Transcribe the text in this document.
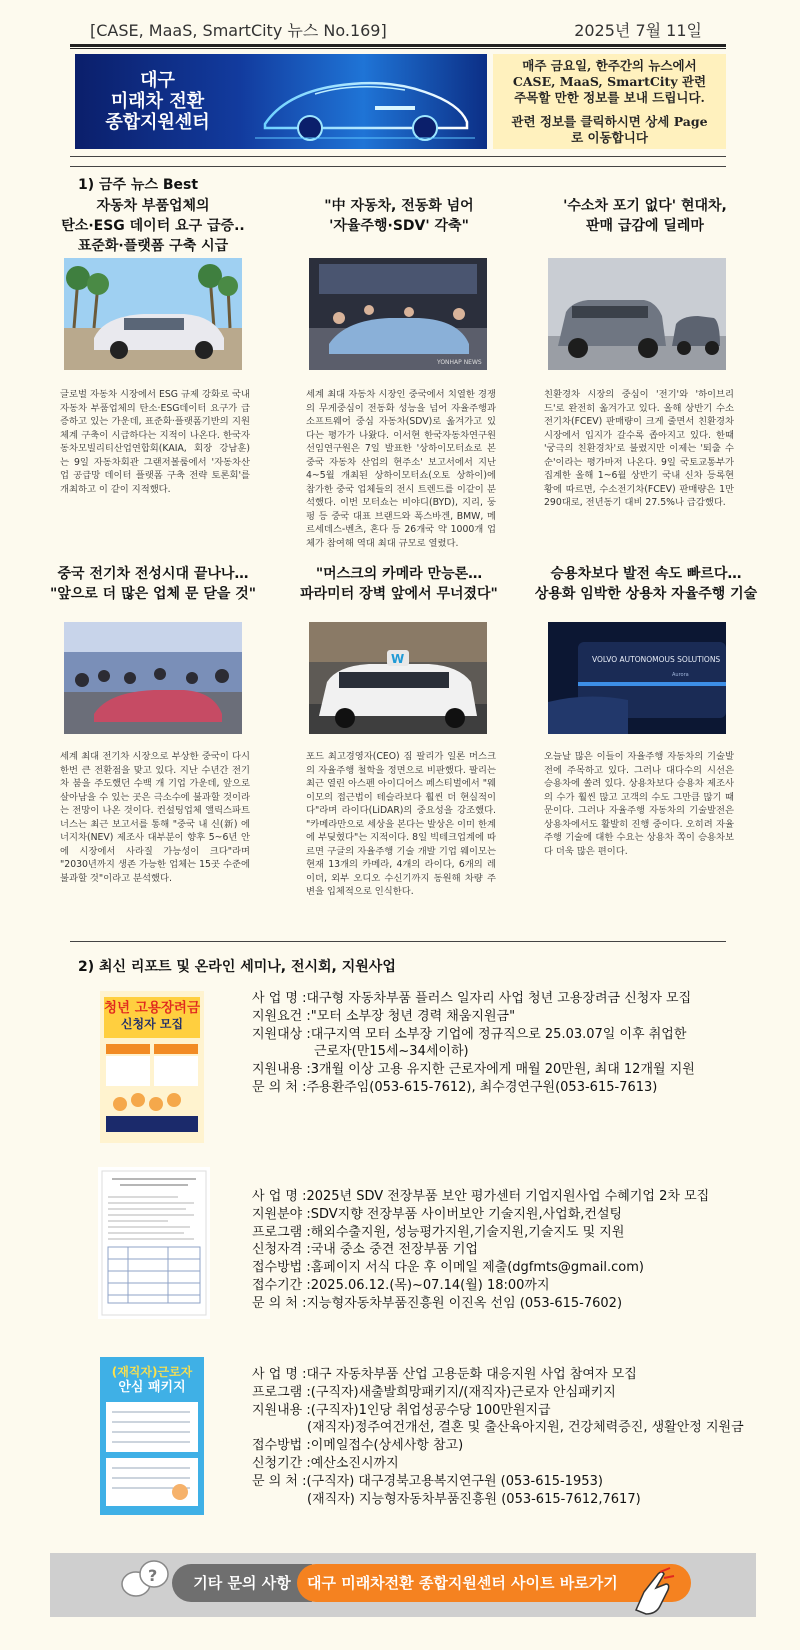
[CASE, MaaS, SmartCity 뉴스 No.169]	2025년 7월 11일
대구
미래차 전환
종합지원센터

매주 금요일, 한주간의 뉴스에서

CASE, MaaS, SmartCity 관련

주목할 만한 정보를 보내 드립니다.

관련 정보를 클릭하시면 상세 Page

로 이동합니다

1) 금주 뉴스 Best
자동차 부품업체의
탄소·ESG 데이터 요구 급증..
표준화·플랫폼 구축 시급
글로벌 자동차 시장에서 ESG 규제 강화로 국내 자동차 부품업체의 탄소·ESG데이터 요구가 급증하고 있는 가운데, 표준화·플랫폼기반의 지원체계 구축이 시급하다는 지적이 나온다. 한국자동차모빌리티산업연합회(KAIA, 회장 강남훈)는 9일 자동차회관 그랜저볼룸에서 '자동차산업 공급망 데이터 플랫폼 구축 전략 토론회'를 개최하고 이 같이 지적했다.
"中 자동차, 전동화 넘어
'자율주행·SDV' 각축"
YONHAP NEWS
세계 최대 자동차 시장인 중국에서 치열한 경쟁의 무게중심이 전동화 성능을 넘어 자율주행과 소프트웨어 중심 자동차(SDV)로 옮겨가고 있다는 평가가 나왔다. 이서현 한국자동차연구원 선임연구원은 7일 발표한 '상하이모터쇼로 본 중국 자동차 산업의 현주소' 보고서에서 지난 4~5월 개최된 상하이모터쇼(오토 상하이)에 참가한 중국 업체들의 전시 트렌드를 이같이 분석했다. 이번 모터쇼는 비야디(BYD), 지리, 둥펑 등 중국 대표 브랜드와 폭스바겐, BMW, 메르세데스-벤츠, 혼다 등 26개국 약 1000개 업체가 참여해 역대 최대 규모로 열렸다.
'수소차 포기 없다' 현대차,
판매 급감에 딜레마
친환경차 시장의 중심이 '전기'와 '하이브리드'로 완전히 옮겨가고 있다. 올해 상반기 수소전기차(FCEV) 판매량이 크게 줄면서 친환경차시장에서 입지가 갈수록 좁아지고 있다. 한때 '궁극의 친환경차'로 불렸지만 이제는 '퇴출 수순'이라는 평가마저 나온다. 9일 국토교통부가 집계한 올해 1~6월 상반기 국내 신차 등록현황에 따르면, 수소전기차(FCEV) 판매량은 1만290대로, 전년동기 대비 27.5%나 급감했다.
중국 전기차 전성시대 끝나나…
"앞으로 더 많은 업체 문 닫을 것"
세계 최대 전기차 시장으로 부상한 중국이 다시 한번 큰 전환점을 맞고 있다. 지난 수년간 전기차 붐을 주도했던 수백 개 기업 가운데, 앞으로 살아남을 수 있는 곳은 극소수에 불과할 것이라는 전망이 나온 것이다. 컨설팅업체 앨릭스파트너스는 최근 보고서를 통해 "중국 내 신(新) 에너지차(NEV) 제조사 대부분이 향후 5~6년 안에 시장에서 사라질 가능성이 크다"라며 "2030년까지 생존 가능한 업체는 15곳 수준에 불과할 것"이라고 분석했다.
"머스크의 카메라 만능론…
파라미터 장벽 앞에서 무너졌다"
W
포드 최고경영자(CEO) 짐 팔리가 일론 머스크의 자율주행 철학을 정면으로 비판했다. 팔리는 최근 열린 아스펜 아이디어스 페스티벌에서 "웨이모의 접근법이 테슬라보다 훨씬 더 현실적이다"라며 라이다(LiDAR)의 중요성을 강조했다. "카메라만으로 세상을 본다는 발상은 이미 한계에 부딪혔다"는 지적이다. 8일 빅테크업계에 따르면 구글의 자율주행 기술 개발 기업 웨이모는 현재 13개의 카메라, 4개의 라이다, 6개의 레이더, 외부 오디오 수신기까지 동원해 차량 주변을 입체적으로 인식한다.
승용차보다 발전 속도 빠르다…
상용화 임박한 상용차 자율주행 기술
VOLVO AUTONOMOUS SOLUTIONS
Aurora
오늘날 많은 이들이 자율주행 자동차의 기술발전에 주목하고 있다. 그러나 대다수의 시선은 승용차에 쏠려 있다. 상용차보다 승용차 제조사의 수가 훨씬 많고 고객의 수도 그만큼 많기 때문이다. 그러나 자율주행 자동차의 기술발전은 상용차에서도 활발히 진행 중이다. 오히려 자율주행 기술에 대한 수요는 상용차 쪽이 승용차보다 더욱 많은 편이다.
2) 최신 리포트 및 온라인 세미나, 전시회, 지원사업
청년 고용장려금
신청자 모집
사 업 명 : 대구형 자동차부품 플러스 일자리 사업 청년 고용장려금 신청자 모집
지원요건 : "모터 소부장 청년 경력 채움지원금"
지원대상 : 대구지역 모터 소부장 기업에 정규직으로 25.03.07일 이후 취업한
근로자(만15세~34세이하)
지원내용 : 3개월 이상 고용 유지한 근로자에게 매월 20만원, 최대 12개월 지원
문 의 처 : 주용환주임(053-615-7612), 최수경연구원(053-615-7613)
사 업 명 : 2025년 SDV 전장부품 보안 평가센터 기업지원사업 수혜기업 2차 모집
지원분야 : SDV지향 전장부품 사이버보안 기술지원,사업화,컨설팅
프로그램 : 해외수출지원, 성능평가지원,기술지원,기술지도 및 지원
신청자격 : 국내 중소 중견 전장부품 기업
접수방법 : 홈페이지 서식 다운 후 이메일 제출(dgfmts@gmail.com)
접수기간 : 2025.06.12.(목)~07.14(월) 18:00까지
문 의 처 : 지능형자동차부품진흥원 이진옥 선임 (053-615-7602)
(재직자)근로자
안심 패키지
사 업 명 : 대구 자동차부품 산업 고용둔화 대응지원 사업 참여자 모집
프로그램 : (구직자)새출발희망패키지/(재직자)근로자 안심패키지
지원내용 : (구직자)1인당 취업성공수당 100만원지급
(재직자)정주여건개선, 결혼 및 출산육아지원, 건강체력증진, 생활안정 지원금
접수방법 : 이메일접수(상세사항 참고)
신청기간 : 예산소진시까지
문 의 처 : (구직자) 대구경북고용복지연구원 (053-615-1953)
(재직자) 지능형자동차부품진흥원 (053-615-7612,7617)
?	기타 문의 사항	대구 미래차전환 종합지원센터 사이트 바로가기
